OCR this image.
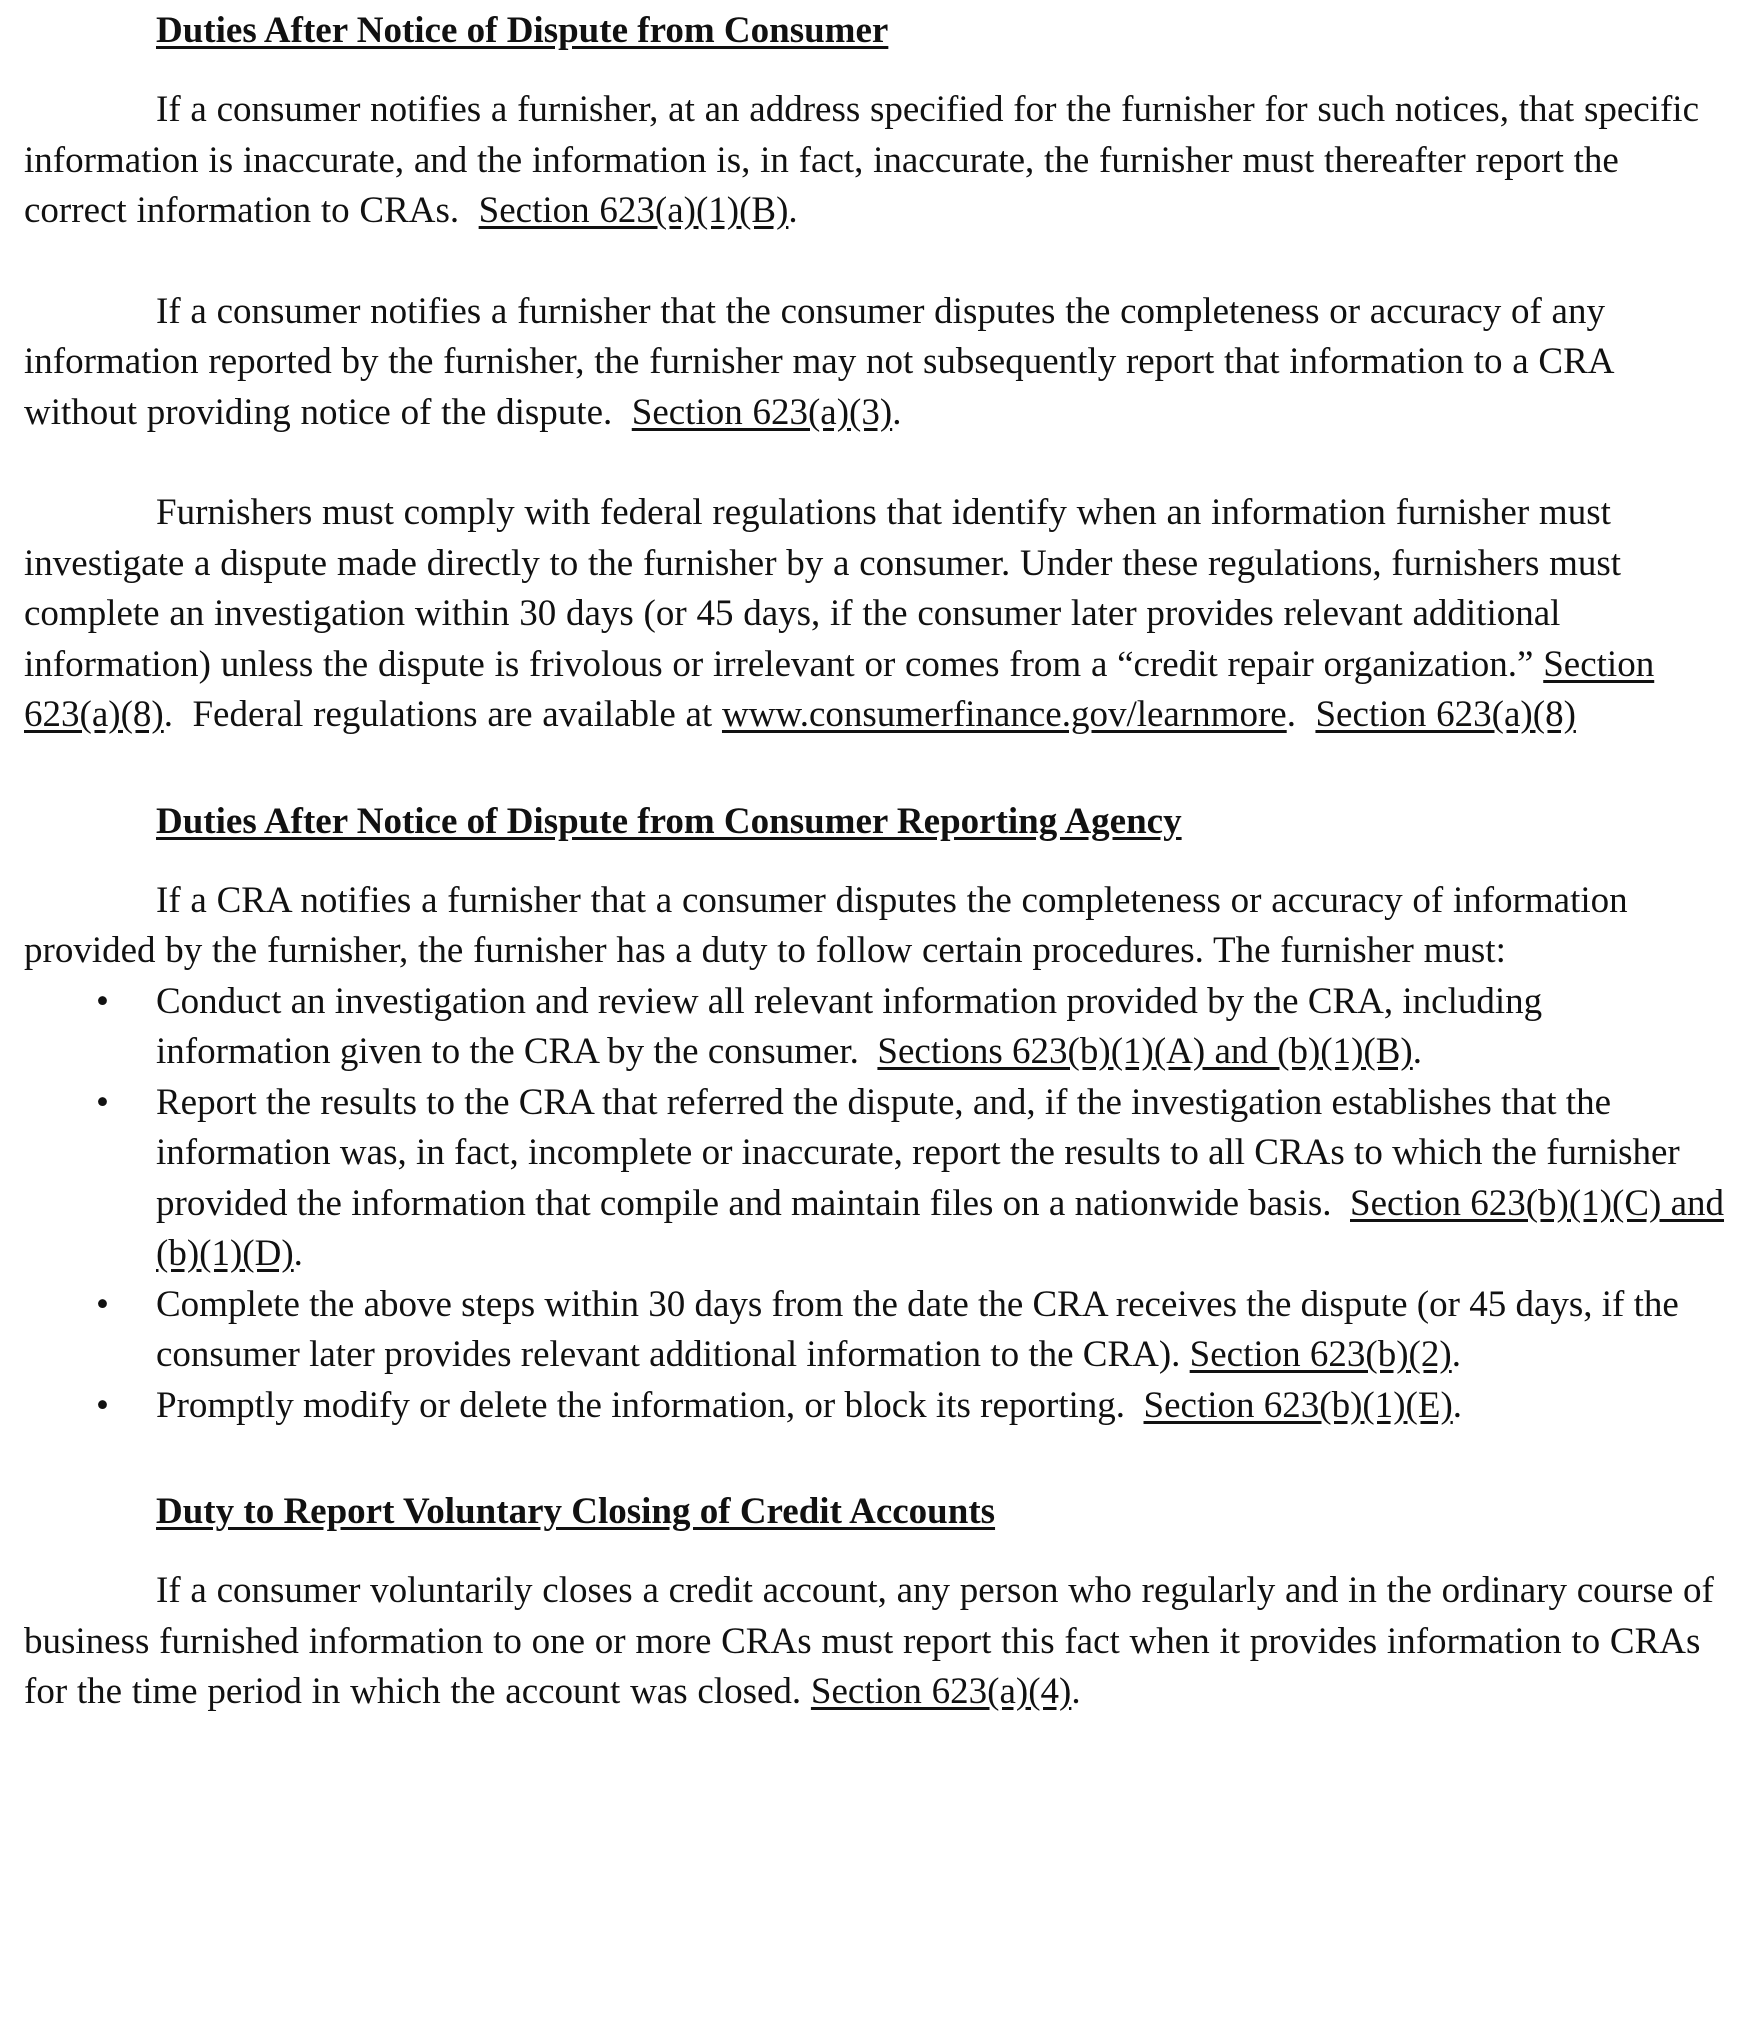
Duties After Notice of Dispute from Consumer

If a consumer notifies a furnisher, at an address specified for the furnisher for such notices, that specific information is inaccurate, and the information is, in fact, inaccurate, the furnisher must thereafter report the correct information to CRAs. Section 623(a)(1)(B).

If a consumer notifies a furnisher that the consumer disputes the completeness or accuracy of any information reported by the furnisher, the furnisher may not subsequently report that information to a CRA without providing notice of the dispute. Section 623(a)(3).

Furnishers must comply with federal regulations that identify when an information furnisher must investigate a dispute made directly to the furnisher by a consumer. Under these regulations, furnishers must complete an investigation within 30 days (or 45 days, if the consumer later provides relevant additional information) unless the dispute is frivolous or irrelevant or comes from a “credit repair organization.” Section 623(a)(8). Federal regulations are available at www.consumerfinance.gov/learnmore. Section 623(a)(8)

Duties After Notice of Dispute from Consumer Reporting Agency

If a CRA notifies a furnisher that a consumer disputes the completeness or accuracy of information provided by the furnisher, the furnisher has a duty to follow certain procedures. The furnisher must:

• Conduct an investigation and review all relevant information provided by the CRA, including information given to the CRA by the consumer. Sections 623(b)(1)(A) and (b)(1)(B).
• Report the results to the CRA that referred the dispute, and, if the investigation establishes that the information was, in fact, incomplete or inaccurate, report the results to all CRAs to which the furnisher provided the information that compile and maintain files on a nationwide basis. Section 623(b)(1)(C) and (b)(1)(D).
• Complete the above steps within 30 days from the date the CRA receives the dispute (or 45 days, if the consumer later provides relevant additional information to the CRA). Section 623(b)(2).
• Promptly modify or delete the information, or block its reporting. Section 623(b)(1)(E).
Duty to Report Voluntary Closing of Credit Accounts

If a consumer voluntarily closes a credit account, any person who regularly and in the ordinary course of business furnished information to one or more CRAs must report this fact when it provides information to CRAs for the time period in which the account was closed. Section 623(a)(4).
